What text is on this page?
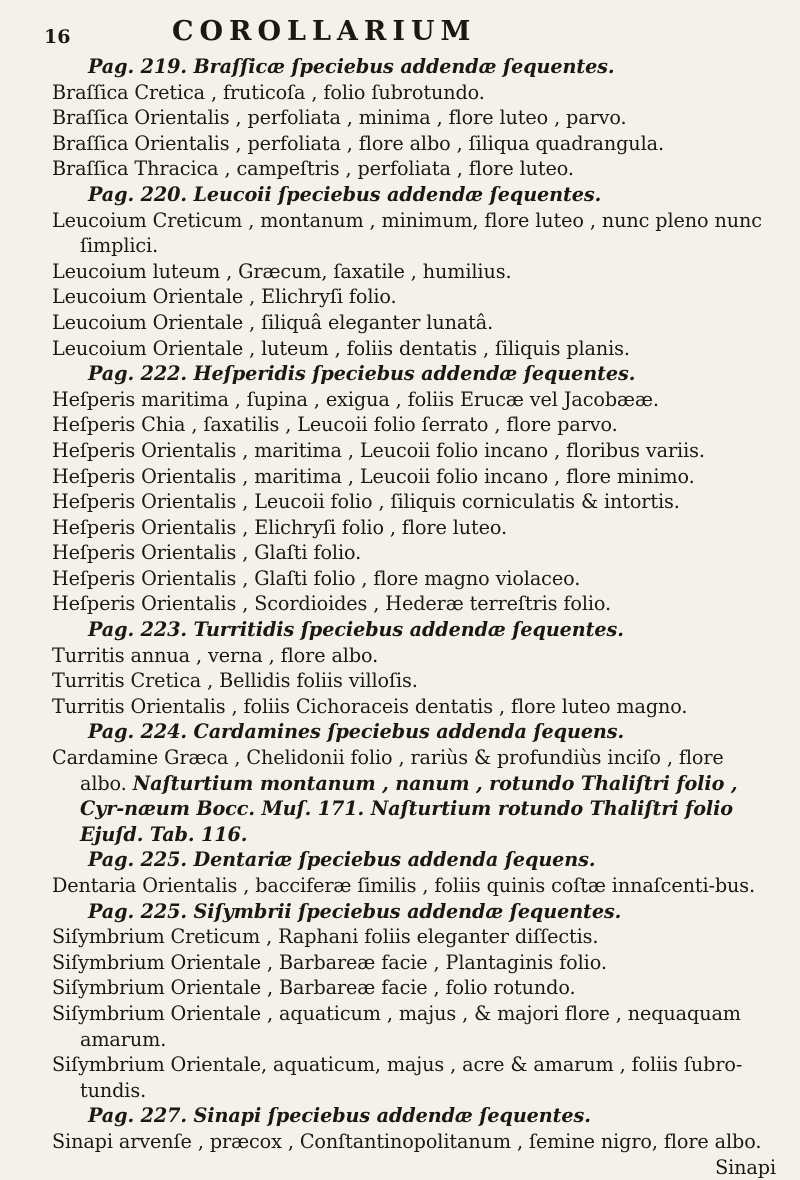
16	COROLLARIUM
Pag. 219. Braſſicæ ſpeciebus addendæ ſequentes.
Braſſica Cretica , fruticoſa , folio ſubrotundo.
Braſſica Orientalis , perfoliata , minima , flore luteo , parvo.
Braſſica Orientalis , perfoliata , flore albo , ſiliqua quadrangula.
Braſſica Thracica , campeſtris , perfoliata , flore luteo.
Pag. 220. Leucoii ſpeciebus addendæ ſequentes.
Leucoium Creticum , montanum , minimum, flore luteo , nunc pleno nunc ſimplici.
Leucoium luteum , Græcum, ſaxatile , humilius.
Leucoium Orientale , Elichryſi folio.
Leucoium Orientale , ſiliquâ eleganter lunatâ.
Leucoium Orientale , luteum , foliis dentatis , ſiliquis planis.
Pag. 222. Heſperidis ſpeciebus addendæ ſequentes.
Heſperis maritima , ſupina , exigua , foliis Erucæ vel Jacobææ.
Heſperis Chia , ſaxatilis , Leucoii folio ſerrato , flore parvo.
Heſperis Orientalis , maritima , Leucoii folio incano , floribus variis.
Heſperis Orientalis , maritima , Leucoii folio incano , flore minimo.
Heſperis Orientalis , Leucoii folio , ſiliquis corniculatis & intortis.
Heſperis Orientalis , Elichryſi folio , flore luteo.
Heſperis Orientalis , Glaſti folio.
Heſperis Orientalis , Glaſti folio , flore magno violaceo.
Heſperis Orientalis , Scordioides , Hederæ terreſtris folio.
Pag. 223. Turritidis ſpeciebus addendæ ſequentes.
Turritis annua , verna , flore albo.
Turritis Cretica , Bellidis foliis villoſis.
Turritis Orientalis , foliis Cichoraceis dentatis , flore luteo magno.
Pag. 224. Cardamines ſpeciebus addenda ſequens.
Cardamine Græca , Chelidonii folio , rariùs & profundiùs inciſo , flore albo. Naſturtium montanum , nanum , rotundo Thaliſtri folio , Cyr-næum Bocc. Muſ. 171. Naſturtium rotundo Thaliſtri folio Ejuſd. Tab. 116.
Pag. 225. Dentariæ ſpeciebus addenda ſequens.
Dentaria Orientalis , bacciferæ ſimilis , foliis quinis coſtæ innaſcenti-bus.
Pag. 225. Siſymbrii ſpeciebus addendæ ſequentes.
Siſymbrium Creticum , Raphani foliis eleganter diſſectis.
Siſymbrium Orientale , Barbareæ facie , Plantaginis folio.
Siſymbrium Orientale , Barbareæ facie , folio rotundo.
Siſymbrium Orientale , aquaticum , majus , & majori flore , nequaquam amarum.
Siſymbrium Orientale, aquaticum, majus , acre & amarum , foliis ſubro-tundis.
Pag. 227. Sinapi ſpeciebus addendæ ſequentes.
Sinapi arvenſe , præcox , Conſtantinopolitanum , ſemine nigro, flore albo.
Sinapi
